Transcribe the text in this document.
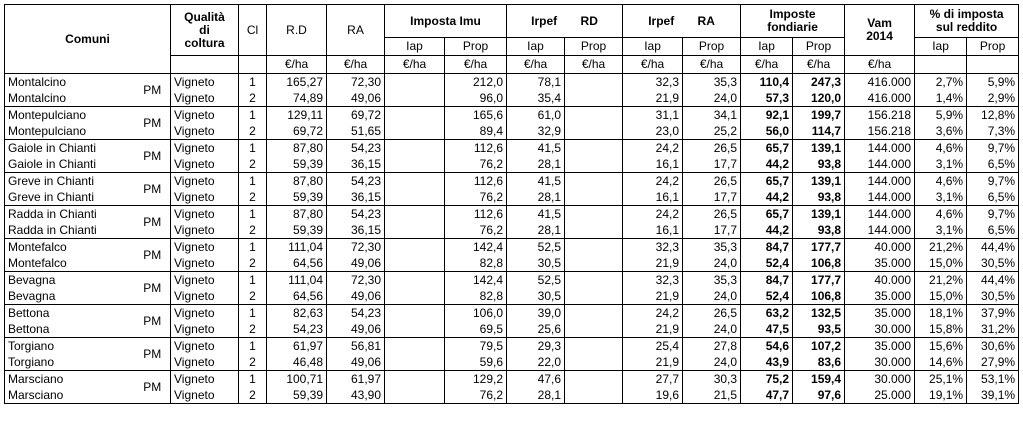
Comuni		Qualità
di
coltura	Cl	R.D	RA	Imposta Imu		Irpef RD		Irpef RA		Imposte
fondiarie		Vam
2014	% di imposta
sul reddito	
						Iap	Prop	Iap	Prop	Iap	Prop	Iap	Prop		Iap	Prop
				€/ha	€/ha	€/ha	€/ha	€/ha	€/ha	€/ha	€/ha	€/ha	€/ha	€/ha		
Montalcino	PM	Vigneto	1	165,27	72,30		212,0	78,1		32,3	35,3	110,4	247,3	416.000	2,7%	5,9%
Montalcino		Vigneto	2	74,89	49,06		96,0	35,4		21,9	24,0	57,3	120,0	416.000	1,4%	2,9%
Montepulciano	PM	Vigneto	1	129,11	69,72		165,6	61,0		31,1	34,1	92,1	199,7	156.218	5,9%	12,8%
Montepulciano		Vigneto	2	69,72	51,65		89,4	32,9		23,0	25,2	56,0	114,7	156.218	3,6%	7,3%
Gaiole in Chianti	PM	Vigneto	1	87,80	54,23		112,6	41,5		24,2	26,5	65,7	139,1	144.000	4,6%	9,7%
Gaiole in Chianti		Vigneto	2	59,39	36,15		76,2	28,1		16,1	17,7	44,2	93,8	144.000	3,1%	6,5%
Greve in Chianti	PM	Vigneto	1	87,80	54,23		112,6	41,5		24,2	26,5	65,7	139,1	144.000	4,6%	9,7%
Greve in Chianti		Vigneto	2	59,39	36,15		76,2	28,1		16,1	17,7	44,2	93,8	144.000	3,1%	6,5%
Radda in Chianti	PM	Vigneto	1	87,80	54,23		112,6	41,5		24,2	26,5	65,7	139,1	144.000	4,6%	9,7%
Radda in Chianti		Vigneto	2	59,39	36,15		76,2	28,1		16,1	17,7	44,2	93,8	144.000	3,1%	6,5%
Montefalco	PM	Vigneto	1	111,04	72,30		142,4	52,5		32,3	35,3	84,7	177,7	40.000	21,2%	44,4%
Montefalco		Vigneto	2	64,56	49,06		82,8	30,5		21,9	24,0	52,4	106,8	35.000	15,0%	30,5%
Bevagna	PM	Vigneto	1	111,04	72,30		142,4	52,5		32,3	35,3	84,7	177,7	40.000	21,2%	44,4%
Bevagna		Vigneto	2	64,56	49,06		82,8	30,5		21,9	24,0	52,4	106,8	35.000	15,0%	30,5%
Bettona	PM	Vigneto	1	82,63	54,23		106,0	39,0		24,2	26,5	63,2	132,5	35.000	18,1%	37,9%
Bettona		Vigneto	2	54,23	49,06		69,5	25,6		21,9	24,0	47,5	93,5	30.000	15,8%	31,2%
Torgiano	PM	Vigneto	1	61,97	56,81		79,5	29,3		25,4	27,8	54,6	107,2	35.000	15,6%	30,6%
Torgiano		Vigneto	2	46,48	49,06		59,6	22,0		21,9	24,0	43,9	83,6	30.000	14,6%	27,9%
Marsciano	PM	Vigneto	1	100,71	61,97		129,2	47,6		27,7	30,3	75,2	159,4	30.000	25,1%	53,1%
Marsciano		Vigneto	2	59,39	43,90		76,2	28,1		19,6	21,5	47,7	97,6	25.000	19,1%	39,1%
